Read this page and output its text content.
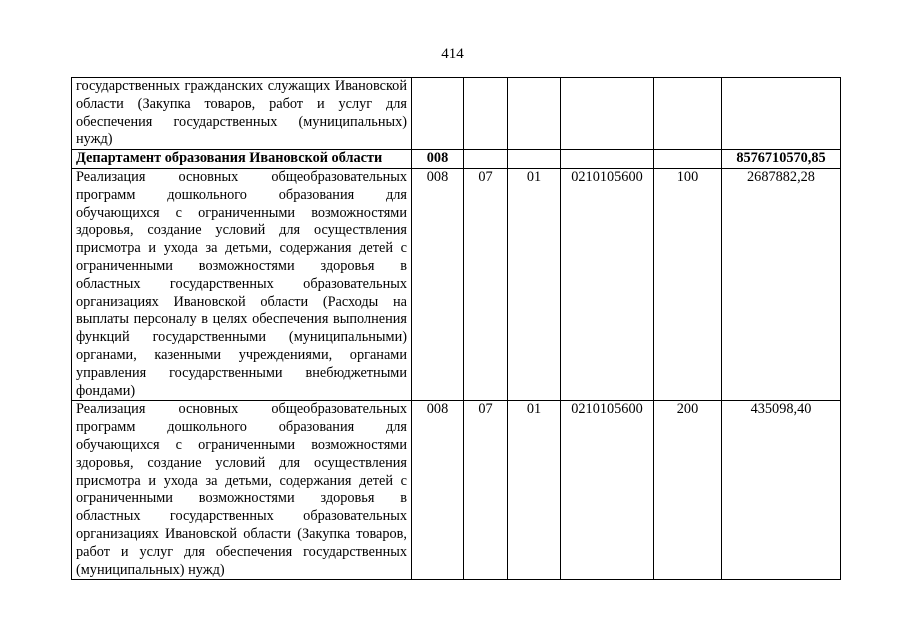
414
государственных гражданских служащих Ивановской области (Закупка товаров, работ и услуг для обеспечения государственных (муниципальных) нужд)						
Департамент образования Ивановской области	008					8576710570,85
Реализация основных общеобразовательных программ дошкольного образования для обучающихся с ограниченными возможностями здоровья, создание условий для осуществления присмотра и ухода за детьми, содержания детей с ограниченными возможностями здоровья в областных государственных образовательных организациях Ивановской области (Расходы на выплаты персоналу в целях обеспечения выполнения функций государственными (муниципальными) органами, казенными учреждениями, органами управления государственными внебюджетными фондами)	008	07	01	0210105600	100	2687882,28
Реализация основных общеобразовательных программ дошкольного образования для обучающихся с ограниченными возможностями здоровья, создание условий для осуществления присмотра и ухода за детьми, содержания детей с ограниченными возможностями здоровья в областных государственных образовательных организациях Ивановской области (Закупка товаров, работ и услуг для обеспечения государственных (муниципальных) нужд)	008	07	01	0210105600	200	435098,40
